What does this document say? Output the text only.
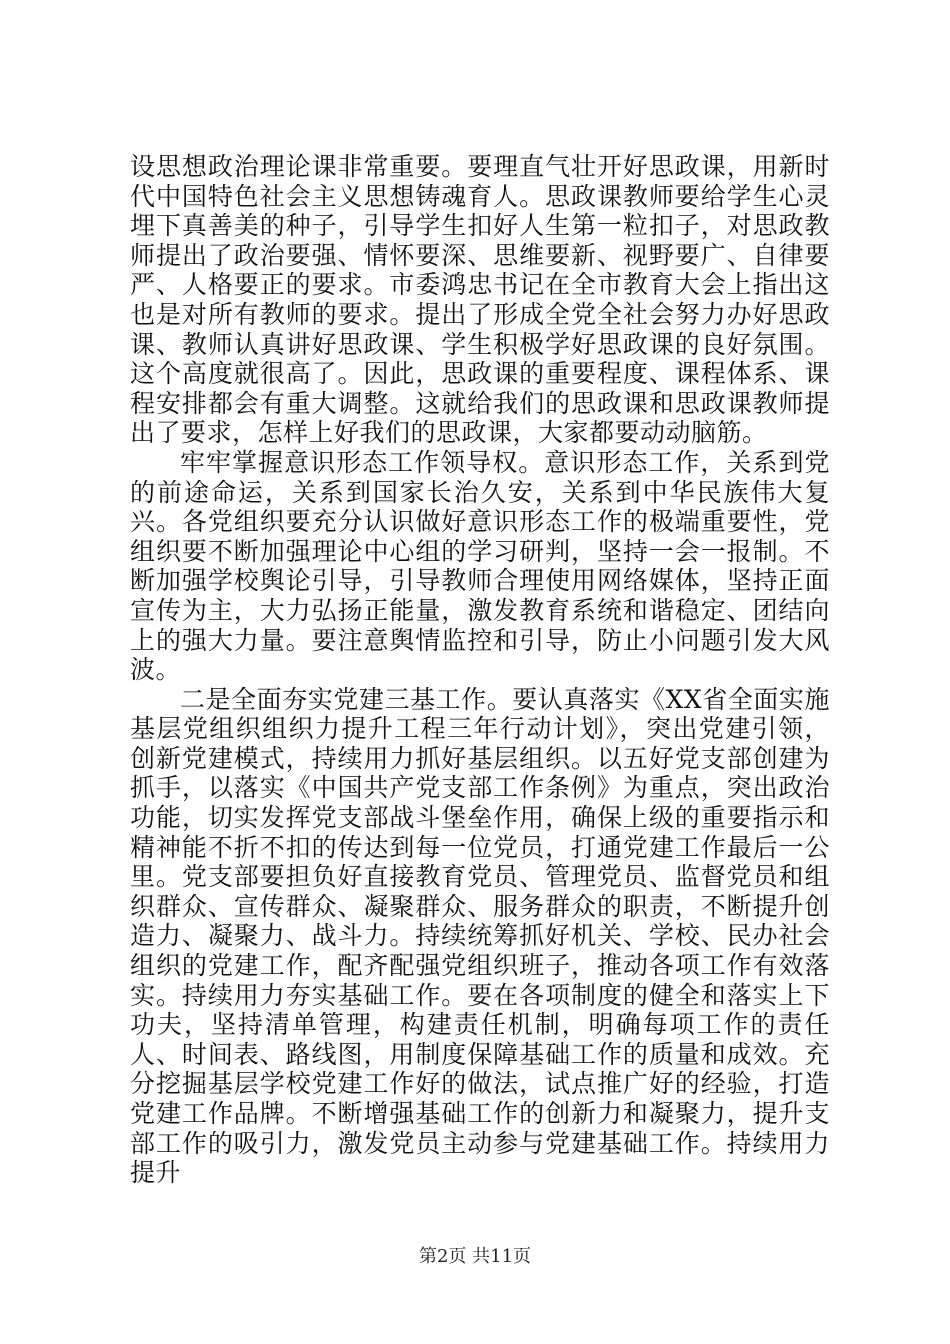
设思想政治理论课非常重要。要理直气壮开好思政课，用新时代中国特色社会主义思想铸魂育人。思政课教师要给学生心灵埋下真善美的种子，引导学生扣好人生第一粒扣子，对思政教师提出了政治要强、情怀要深、思维要新、视野要广、自律要严、人格要正的要求。市委鸿忠书记在全市教育大会上指出这也是对所有教师的要求。提出了形成全党全社会努力办好思政课、教师认真讲好思政课、学生积极学好思政课的良好氛围。这个高度就很高了。因此，思政课的重要程度、课程体系、课程安排都会有重大调整。这就给我们的思政课和思政课教师提出了要求，怎样上好我们的思政课，大家都要动动脑筋。

牢牢掌握意识形态工作领导权。意识形态工作，关系到党的前途命运，关系到国家长治久安，关系到中华民族伟大复兴。各党组织要充分认识做好意识形态工作的极端重要性，党组织要不断加强理论中心组的学习研判，坚持一会一报制。不断加强学校舆论引导，引导教师合理使用网络媒体，坚持正面宣传为主，大力弘扬正能量，激发教育系统和谐稳定、团结向上的强大力量。要注意舆情监控和引导，防止小问题引发大风波。

二是全面夯实党建三基工作。要认真落实《XX省全面实施基层党组织组织力提升工程三年行动计划》，突出党建引领，创新党建模式，持续用力抓好基层组织。以五好党支部创建为抓手，以落实《中国共产党支部工作条例》为重点，突出政治功能，切实发挥党支部战斗堡垒作用，确保上级的重要指示和精神能不折不扣的传达到每一位党员，打通党建工作最后一公里。党支部要担负好直接教育党员、管理党员、监督党员和组织群众、宣传群众、凝聚群众、服务群众的职责，不断提升创造力、凝聚力、战斗力。持续统筹抓好机关、学校、民办社会组织的党建工作，配齐配强党组织班子，推动各项工作有效落实。持续用力夯实基础工作。要在各项制度的健全和落实上下功夫，坚持清单管理，构建责任机制，明确每项工作的责任人、时间表、路线图，用制度保障基础工作的质量和成效。充分挖掘基层学校党建工作好的做法，试点推广好的经验，打造党建工作品牌。不断增强基础工作的创新力和凝聚力，提升支部工作的吸引力，激发党员主动参与党建基础工作。持续用力提升

第2页 共11页
